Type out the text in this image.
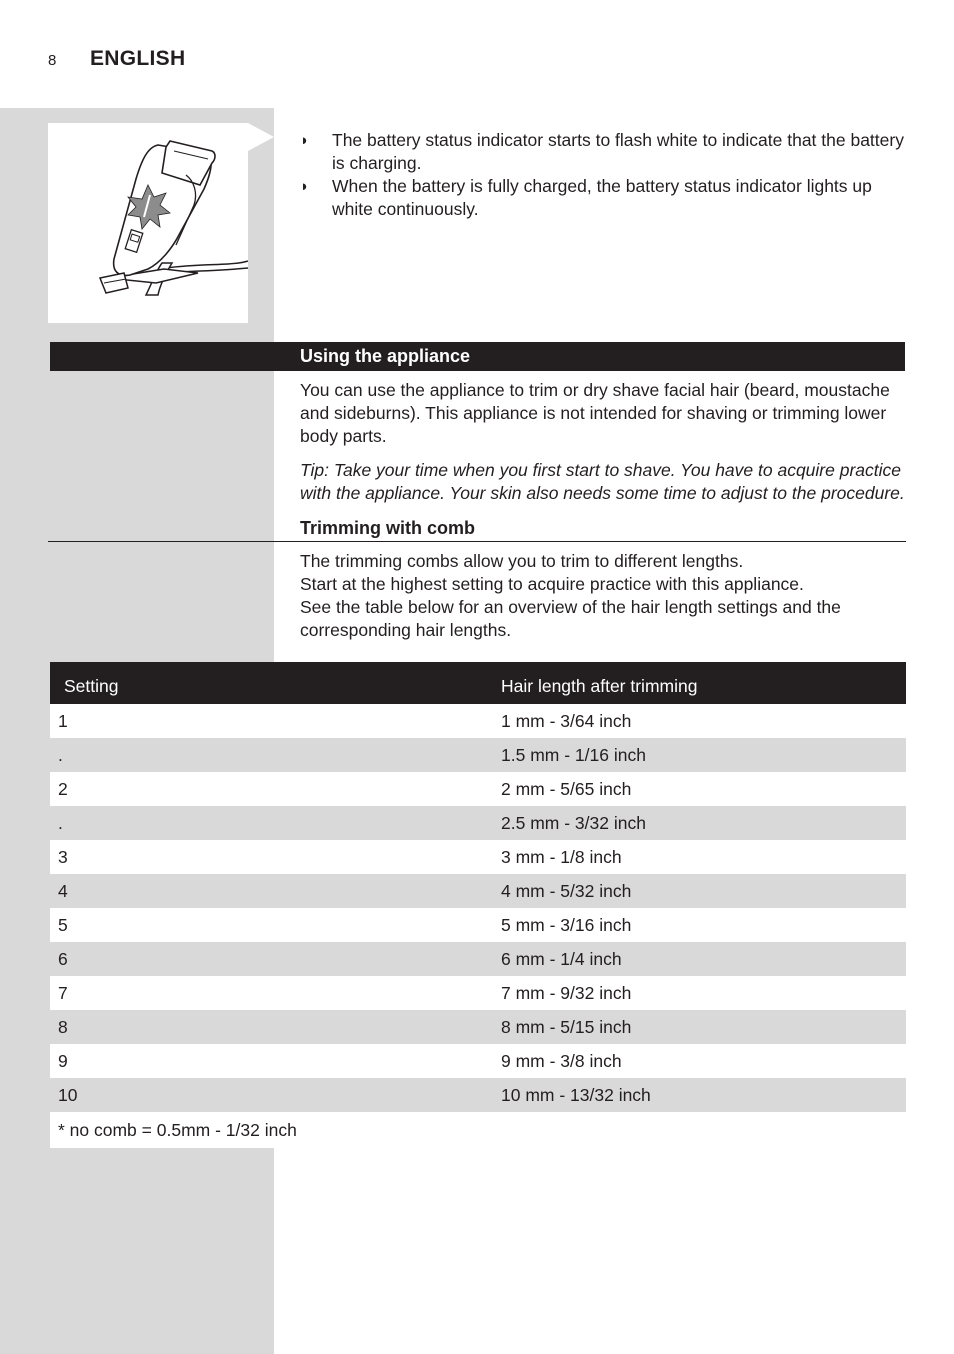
8 ENGLISH
◗ The battery status indicator starts to flash white to indicate that the battery is charging.
◗ When the battery is fully charged, the battery status indicator lights up white continuously.
Using the appliance

You can use the appliance to trim or dry shave facial hair (beard, moustache and sideburns). This appliance is not intended for shaving or trimming lower body parts.

Tip: Take your time when you first start to shave. You have to acquire practice with the appliance. Your skin also needs some time to adjust to the procedure.

Trimming with comb
The trimming combs allow you to trim to different lengths.
Start at the highest setting to acquire practice with this appliance.
See the table below for an overview of the hair length settings and the corresponding hair lengths.
Setting	Hair length after trimming
1	1 mm - 3/64 inch
.	1.5 mm - 1/16 inch
2	2 mm - 5/65 inch
.	2.5 mm - 3/32 inch
3	3 mm - 1/8 inch
4	4 mm - 5/32 inch
5	5 mm - 3/16 inch
6	6 mm - 1/4 inch
7	7 mm - 9/32 inch
8	8 mm - 5/15 inch
9	9 mm - 3/8 inch
10	10 mm - 13/32 inch
* no comb = 0.5mm - 1/32 inch
